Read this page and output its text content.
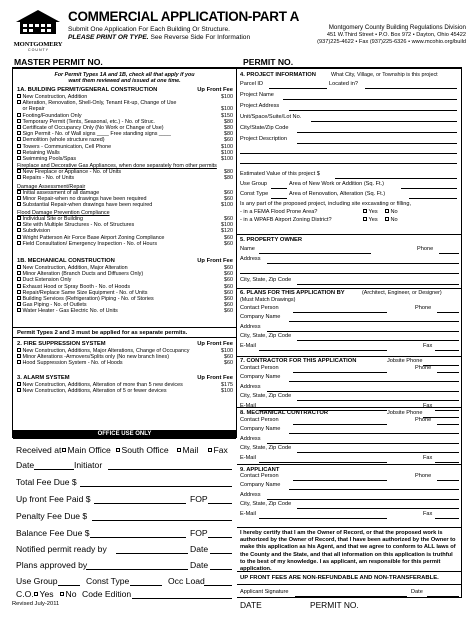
MONTGOMERY
C O U N T Y
COMMERCIAL APPLICATION-PART A
Submit One Application For Each Building Or Structure.
PLEASE PRINT OR TYPE. See Reverse Side For Information
Montgomery County Building Regulations Division
451 W.Third Street • P.O. Box 972 • Dayton, Ohio 45422
(937)225-4622 • Fax (937)225-6326 • www.mcohio.org/build
MASTER PERMIT NO.	PERMIT NO.
For Permit Types 1A and 1B, check all that apply if you
want them reviewed and issued at one time.
1A. BUILDING PERMIT/GENERAL CONSTRUCTION	Up Front Fee
New Construction, Addition	$100
Alteration, Renovation, Shell-Only, Tenant Fit-up, Change of Use
or Repair	$100
Footing/Foundation Only	$150
Temporary Permit (Tents, Seasonal, etc.) - No. of Struc.	$80
Certificate of Occupancy Only (No Work or Change of Use)	$80
Sign Permit - No. of Wall signs ____ Free standing signs ____	$80
Demolition (whole structure razed)	$60
Towers - Communication, Cell Phone	$100
Retaining Walls	$100
Swimming Pools/Spas	$100
Fireplace and Decorative Gas Appliances, when done separately from other permits
New Fireplace or Appliance - No. of Units	$80
Repairs - No. of Units	$80
Damage Assessment/Repair
Initial assessment of all damage	$60
Minor Repair-when no drawings have been required	$60
Substantial Repair-when drawings have been required	$100
Flood Damage Prevention Compliance
Individual Site or Building	$60
Site with Multiple Structures - No. of Structures	$100
Subdivision	$120
Wright Patterson Air Force Base Airport Zoning Compliance	$60
Field Consultation/ Emergency Inspection - No. of Hours	$60
1B. MECHANICAL CONSTRUCTION	Up Front Fee
New Construction, Addition, Major Alteration	$60
Minor Alteration (Branch Ducts and Diffusers Only)	$60
Duct Extension Only	$60
Exhaust Hood or Spray Booth - No. of Hoods	$60
Repair/Replace Same Size Equipment - No. of Units	$60
Building Services (Refrigeration) Piping - No. of Stories	$60
Gas Piping - No. of Outlets	$60
Water Heater - Gas Electric No. of Units	$60
Permit Types 2 and 3 must be applied for as separate permits.
2. FIRE SUPPRESSION SYSTEM	Up Front Fee
New Construction, Additions, Major Alterations, Change of Occupancy	$100
Minor Alterations -Armovers/Splits only (No new branch lines)	$60
Hood Suppression System - No. of Hoods	$60
3. ALARM SYSTEM	Up Front Fee
New Construction, Additions, Alteration of more than 5 new devices	$175
New Construction, Additions, Alteration of 5 or fewer devices	$100
OFFICE USE ONLY
Received at Main Office	South Office	Mail	Fax
Date	Initiator
Total Fee Due $
Up front Fee Paid $	FOP
Penalty Fee Due $
Balance Fee Due $	FOP
Notified permit ready by	Date
Plans approved by	Date
Use Group	Const Type	Occ Load
C.O. Yes	No Code Edition
Revised July-2011
4. PROJECT INFORMATION	What City, Village, or Township is this project
Parcel ID	Located in?
Project Name
Project Address
Unit/Space/Suite/Lot No.
City/State/Zip Code
Project Description
Estimated Value of this project $
Use Group	Area of New Work or Addition (Sq. Ft.)
Const Type	Area of Renovation, Alteration (Sq. Ft.)
Is any part of the proposed project, including site excavating or filling,
- in a FEMA Flood Prone Area?	Yes	No
- in a WPAFB Airport Zoning District?	Yes	No
5. PROPERTY OWNER
Name	Phone
Address
City, State, Zip Code
6. PLANS FOR THIS APPLICATION BY	(Architect, Engineer, or Designer)
(Must Match Drawings)
Contact Person	Phone
Company Name
Address
City, State, Zip Code
E-Mail	Fax
7. CONTRACTOR FOR THIS APPLICATION	Jobsite Phone
Contact Person	Phone
Company Name
Address
City, State, Zip Code
E-Mail	Fax
8. MECHANICAL CONTRACTOR	Jobsite Phone
Contact Person	Phone
Company Name
Address
City, State, Zip Code
E-Mail	Fax
9. APPLICANT
Contact Person	Phone
Company Name
Address
City, State, Zip Code
E-Mail	Fax
I hereby certify that I am the Owner of Record, or that the proposed work is authorized by the Owner of Record, that I have been authorized by the Owner to make this application as his Agent, and that we agree to conform to ALL laws of the County and the State, and that all information on this application is truthful to the best of my knowledge. I as applicant, am responsible for this permit application.
UP FRONT FEES ARE NON-REFUNDABLE AND NON-TRANSFERABLE.
Applicant Signature	Date
DATE	PERMIT NO.
